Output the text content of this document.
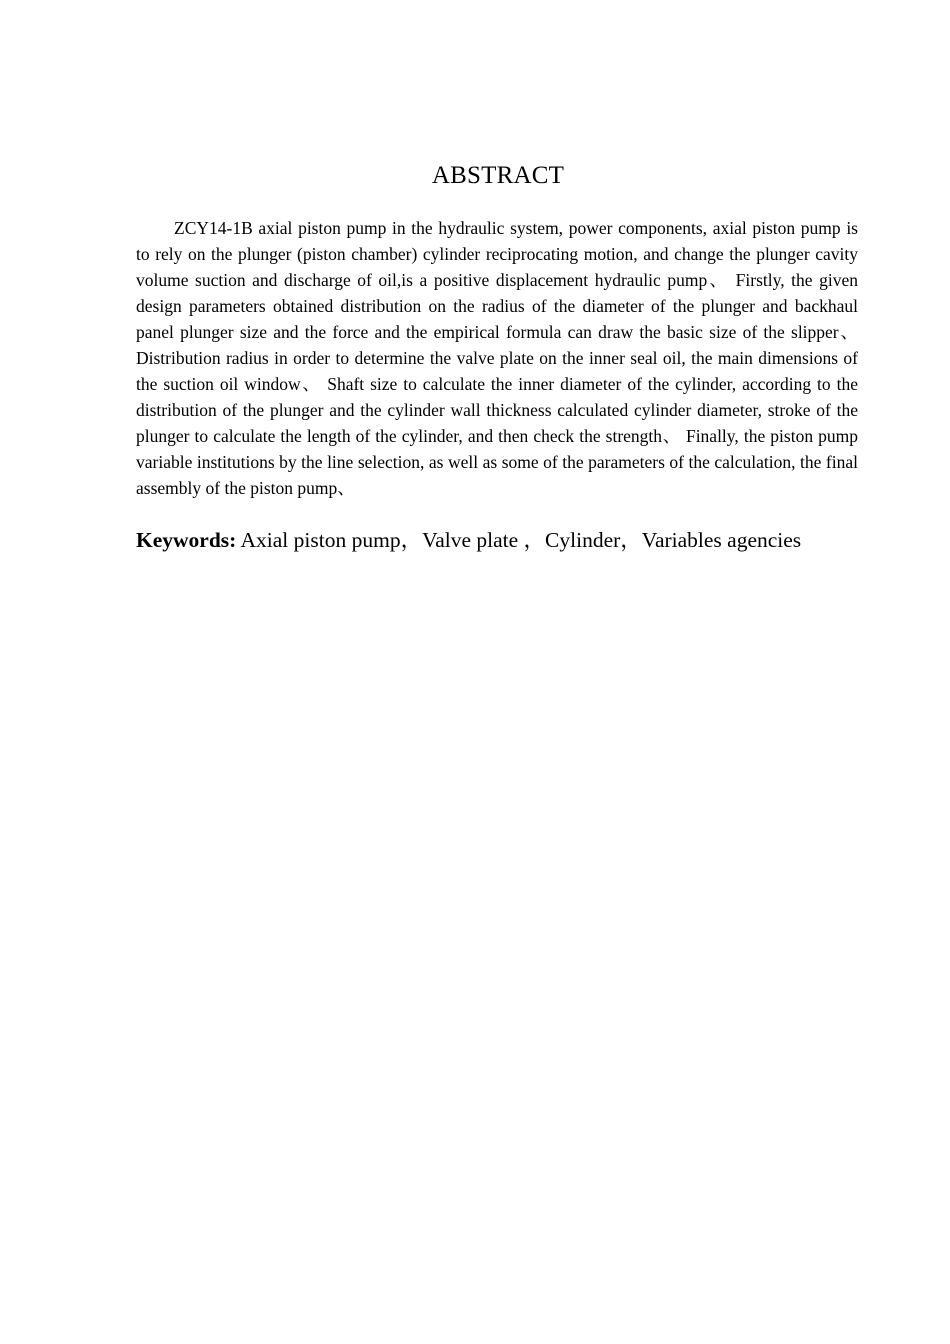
ABSTRACT

ZCY14-1B axial piston pump in the hydraulic system, power components, axial piston pump is to rely on the plunger (piston chamber) cylinder reciprocating motion, and change the plunger cavity volume suction and discharge of oil,is a positive displacement hydraulic pump、 Firstly, the given design parameters obtained distribution on the radius of the diameter of the plunger and backhaul panel plunger size and the force and the empirical formula can draw the basic size of the slipper、 Distribution radius in order to determine the valve plate on the inner seal oil, the main dimensions of the suction oil window、 Shaft size to calculate the inner diameter of the cylinder, according to the distribution of the plunger and the cylinder wall thickness calculated cylinder diameter, stroke of the plunger to calculate the length of the cylinder, and then check the strength、 Finally, the piston pump variable institutions by the line selection, as well as some of the parameters of the calculation, the final assembly of the piston pump、

Keywords: Axial piston pump，Valve plate ，Cylinder，Variables agencies
